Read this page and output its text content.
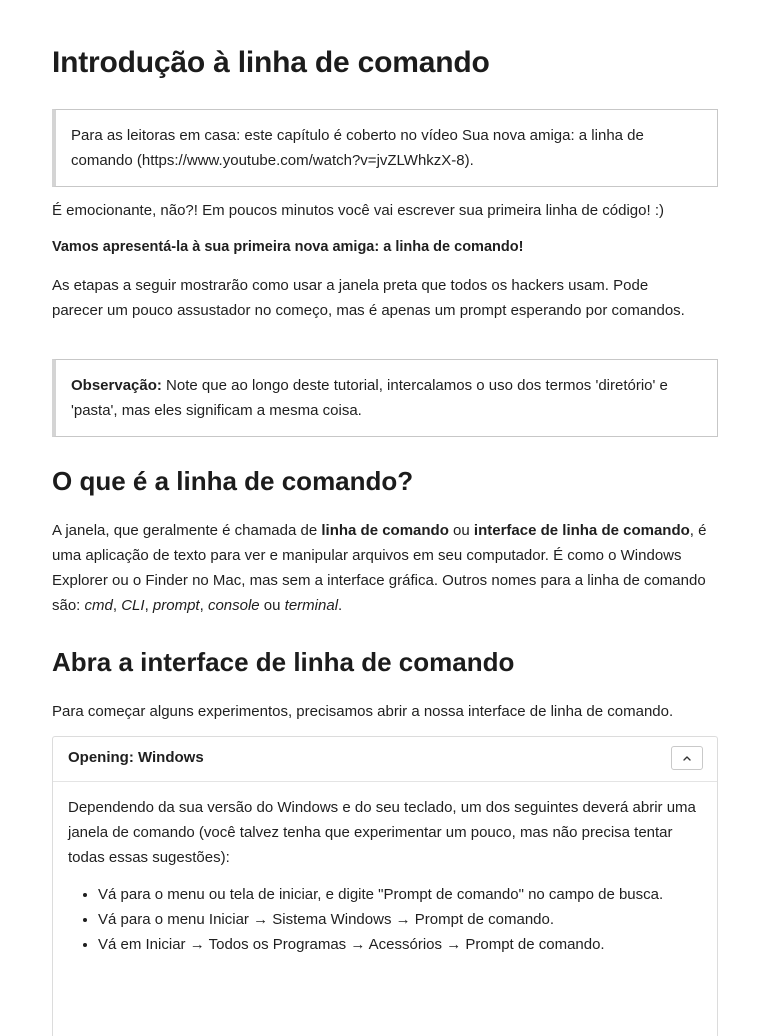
Introdução à linha de comando
Para as leitoras em casa: este capítulo é coberto no vídeo Sua nova amiga: a linha de comando (https://www.youtube.com/watch?v=jvZLWhkzX-8).

É emocionante, não?! Em poucos minutos você vai escrever sua primeira linha de código! :)

Vamos apresentá-la à sua primeira nova amiga: a linha de comando!

As etapas a seguir mostrarão como usar a janela preta que todos os hackers usam. Pode parecer um pouco assustador no começo, mas é apenas um prompt esperando por comandos.

Observação: Note que ao longo deste tutorial, intercalamos o uso dos termos 'diretório' e 'pasta', mas eles significam a mesma coisa.
O que é a linha de comando?

A janela, que geralmente é chamada de linha de comando ou interface de linha de comando, é uma aplicação de texto para ver e manipular arquivos em seu computador. É como o Windows Explorer ou o Finder no Mac, mas sem a interface gráfica. Outros nomes para a linha de comando são: cmd, CLI, prompt, console ou terminal.

Abra a interface de linha de comando

Para começar alguns experimentos, precisamos abrir a nossa interface de linha de comando.

Opening: Windows

Dependendo da sua versão do Windows e do seu teclado, um dos seguintes deverá abrir uma janela de comando (você talvez tenha que experimentar um pouco, mas não precisa tentar todas essas sugestões):

• Vá para o menu ou tela de iniciar, e digite "Prompt de comando" no campo de busca.
• Vá para o menu Iniciar → Sistema Windows → Prompt de comando.
• Vá em Iniciar → Todos os Programas → Acessórios → Prompt de comando.
